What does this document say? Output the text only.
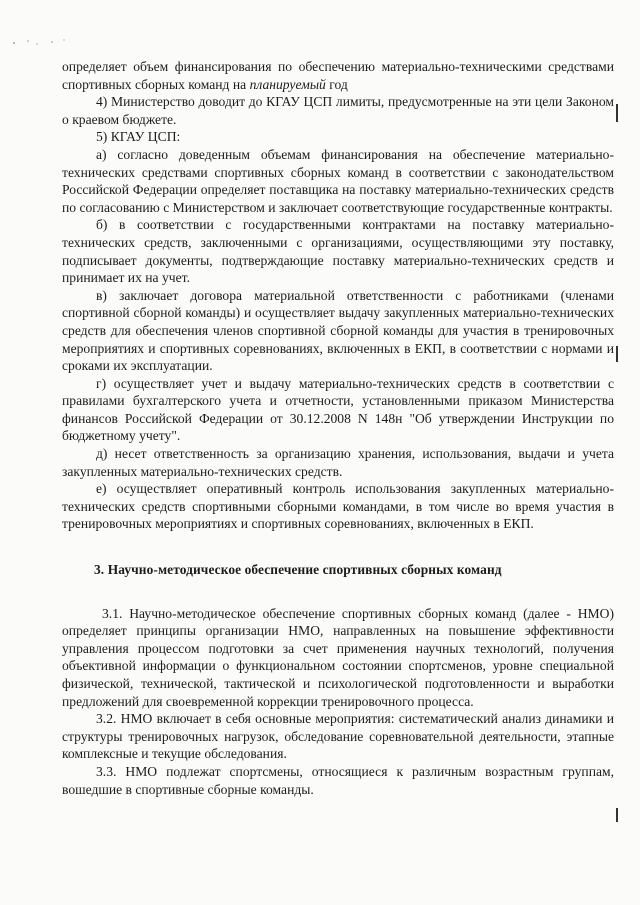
определяет объем финансирования по обеспечению материально-техническими средствами спортивных сборных команд на планируемый год

4) Министерство доводит до КГАУ ЦСП лимиты, предусмотренные на эти цели Законом о краевом бюджете.

5) КГАУ ЦСП:

а) согласно доведенным объемам финансирования на обеспечение материально-технических средствами спортивных сборных команд в соответствии с законодательством Российской Федерации определяет поставщика на поставку материально-технических средств по согласованию с Министерством и заключает соответствующие государственные контракты.

б) в соответствии с государственными контрактами на поставку материально-технических средств, заключенными с организациями, осуществляющими эту поставку, подписывает документы, подтверждающие поставку материально-технических средств и принимает их на учет.

в) заключает договора материальной ответственности с работниками (членами спортивной сборной команды) и осуществляет выдачу закупленных материально-технических средств для обеспечения членов спортивной сборной команды для участия в тренировочных мероприятиях и спортивных соревнованиях, включенных в ЕКП, в соответствии с нормами и сроками их эксплуатации.

г) осуществляет учет и выдачу материально-технических средств в соответствии с правилами бухгалтерского учета и отчетности, установленными приказом Министерства финансов Российской Федерации от 30.12.2008 N 148н "Об утверждении Инструкции по бюджетному учету".

д) несет ответственность за организацию хранения, использования, выдачи и учета закупленных материально-технических средств.

е) осуществляет оперативный контроль использования закупленных материально-технических средств спортивными сборными командами, в том числе во время участия в тренировочных мероприятиях и спортивных соревнованиях, включенных в ЕКП.

3. Научно-методическое обеспечение спортивных сборных команд

3.1. Научно-методическое обеспечение спортивных сборных команд (далее - НМО) определяет принципы организации НМО, направленных на повышение эффективности управления процессом подготовки за счет применения научных технологий, получения объективной информации о функциональном состоянии спортсменов, уровне специальной физической, технической, тактической и психологической подготовленности и выработки предложений для своевременной коррекции тренировочного процесса.

3.2. НМО включает в себя основные мероприятия: систематический анализ динамики и структуры тренировочных нагрузок, обследование соревновательной деятельности, этапные комплексные и текущие обследования.

3.3. НМО подлежат спортсмены, относящиеся к различным возрастным группам, вошедшие в спортивные сборные команды.
